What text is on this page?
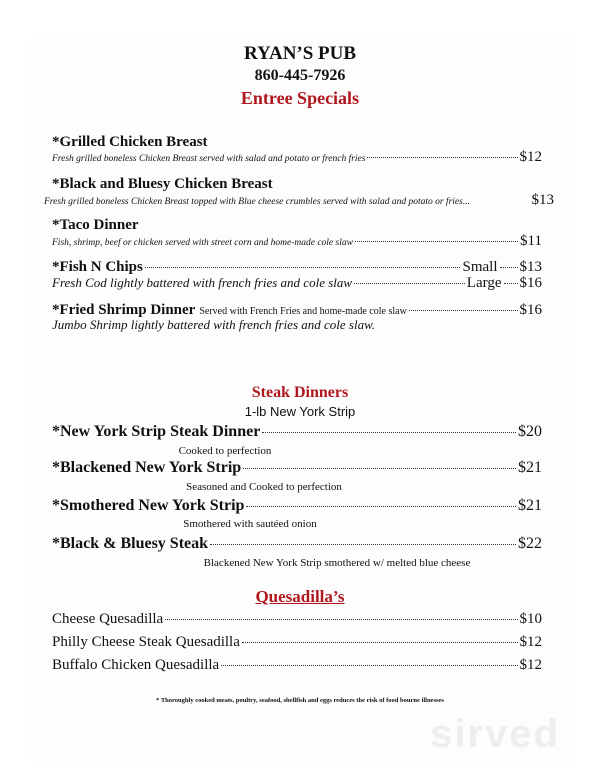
sirved
RYAN’S PUB
860-445-7926
Entree Specials
*Grilled Chicken Breast
Fresh grilled boneless Chicken Breast served with salad and potato or french fries	$12
*Black and Bluesy Chicken Breast
Fresh grilled boneless Chicken Breast topped with Blue cheese crumbles served with salad and potato or fries...	$13
*Taco Dinner
Fish, shrimp, beef or chicken served with street corn and home-made cole slaw	$11
*Fish N Chips	Small $13
Fresh Cod lightly battered with french fries and cole slaw	Large $16
*Fried Shrimp Dinner
Served with French Fries and home-made cole slaw	$16
Jumbo Shrimp lightly battered with french fries and cole slaw.
Steak Dinners
1-lb New York Strip
*New York Strip Steak Dinner	$20
Cooked to perfection
*Blackened New York Strip	$21
Seasoned and Cooked to perfection
*Smothered New York Strip	$21
Smothered with sautéed onion
*Black & Bluesy Steak	$22
Blackened New York Strip smothered w/ melted blue cheese
Quesadilla’s
Cheese Quesadilla	$10
Philly Cheese Steak Quesadilla	$12
Buffalo Chicken Quesadilla	$12
* Thoroughly cooked meats, poultry, seafood, shellfish and eggs reduces the risk of food bourne illnesses
